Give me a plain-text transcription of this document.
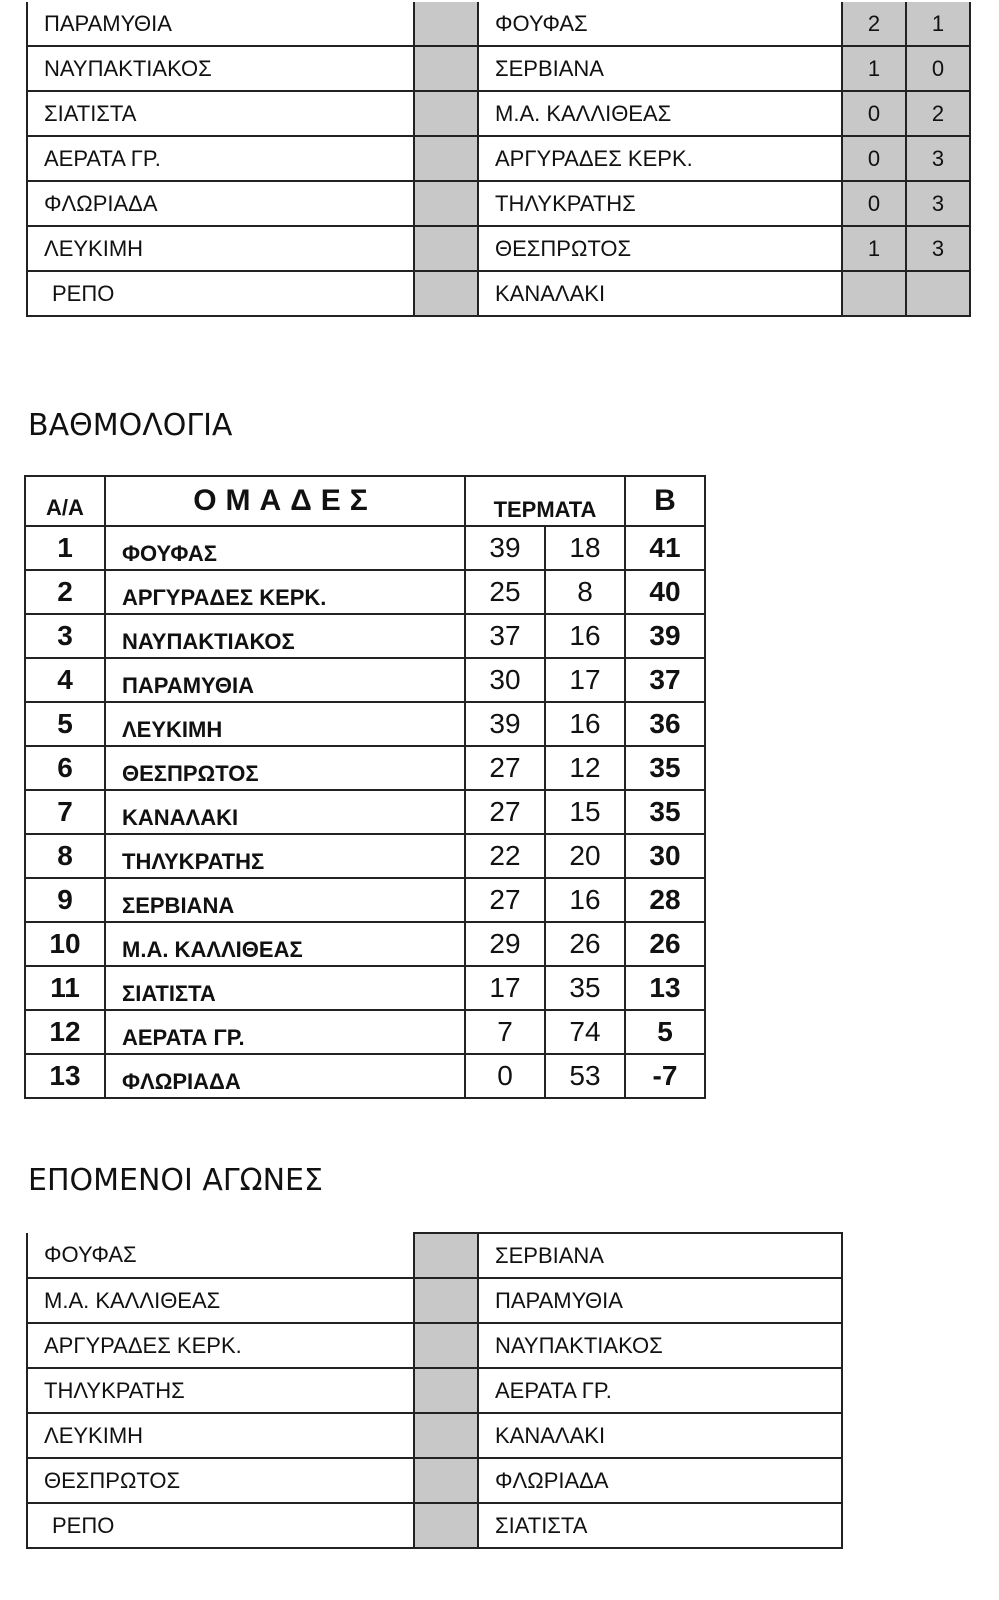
ΠΑΡΑΜΥΘΙΑ		ΦΟΥΦΑΣ	2	1
ΝΑΥΠΑΚΤΙΑΚΟΣ		ΣΕΡΒΙΑΝΑ	1	0
ΣΙΑΤΙΣΤΑ		Μ.Α. ΚΑΛΛΙΘΕΑΣ	0	2
ΑΕΡΑΤΑ ΓΡ.		ΑΡΓΥΡΑΔΕΣ ΚΕΡΚ.	0	3
ΦΛΩΡΙΑΔΑ		ΤΗΛΥΚΡΑΤΗΣ	0	3
ΛΕΥΚΙΜΗ		ΘΕΣΠΡΩΤΟΣ	1	3
ΡΕΠΟ		ΚΑΝΑΛΑΚΙ		
ΒΑΘΜΟΛΟΓΙΑ
Α/Α	ΟΜΑΔΕΣ	ΤΕΡΜΑΤΑ		Β
1	ΦΟΥΦΑΣ	39	18	41
2	ΑΡΓΥΡΑΔΕΣ ΚΕΡΚ.	25	8	40
3	ΝΑΥΠΑΚΤΙΑΚΟΣ	37	16	39
4	ΠΑΡΑΜΥΘΙΑ	30	17	37
5	ΛΕΥΚΙΜΗ	39	16	36
6	ΘΕΣΠΡΩΤΟΣ	27	12	35
7	ΚΑΝΑΛΑΚΙ	27	15	35
8	ΤΗΛΥΚΡΑΤΗΣ	22	20	30
9	ΣΕΡΒΙΑΝΑ	27	16	28
10	Μ.Α. ΚΑΛΛΙΘΕΑΣ	29	26	26
11	ΣΙΑΤΙΣΤΑ	17	35	13
12	ΑΕΡΑΤΑ ΓΡ.	7	74	5
13	ΦΛΩΡΙΑΔΑ	0	53	-7
ΕΠΟΜΕΝΟΙ ΑΓΩΝΕΣ
ΦΟΥΦΑΣ		ΣΕΡΒΙΑΝΑ
Μ.Α. ΚΑΛΛΙΘΕΑΣ		ΠΑΡΑΜΥΘΙΑ
ΑΡΓΥΡΑΔΕΣ ΚΕΡΚ.		ΝΑΥΠΑΚΤΙΑΚΟΣ
ΤΗΛΥΚΡΑΤΗΣ		ΑΕΡΑΤΑ ΓΡ.
ΛΕΥΚΙΜΗ		ΚΑΝΑΛΑΚΙ
ΘΕΣΠΡΩΤΟΣ		ΦΛΩΡΙΑΔΑ
ΡΕΠΟ		ΣΙΑΤΙΣΤΑ
